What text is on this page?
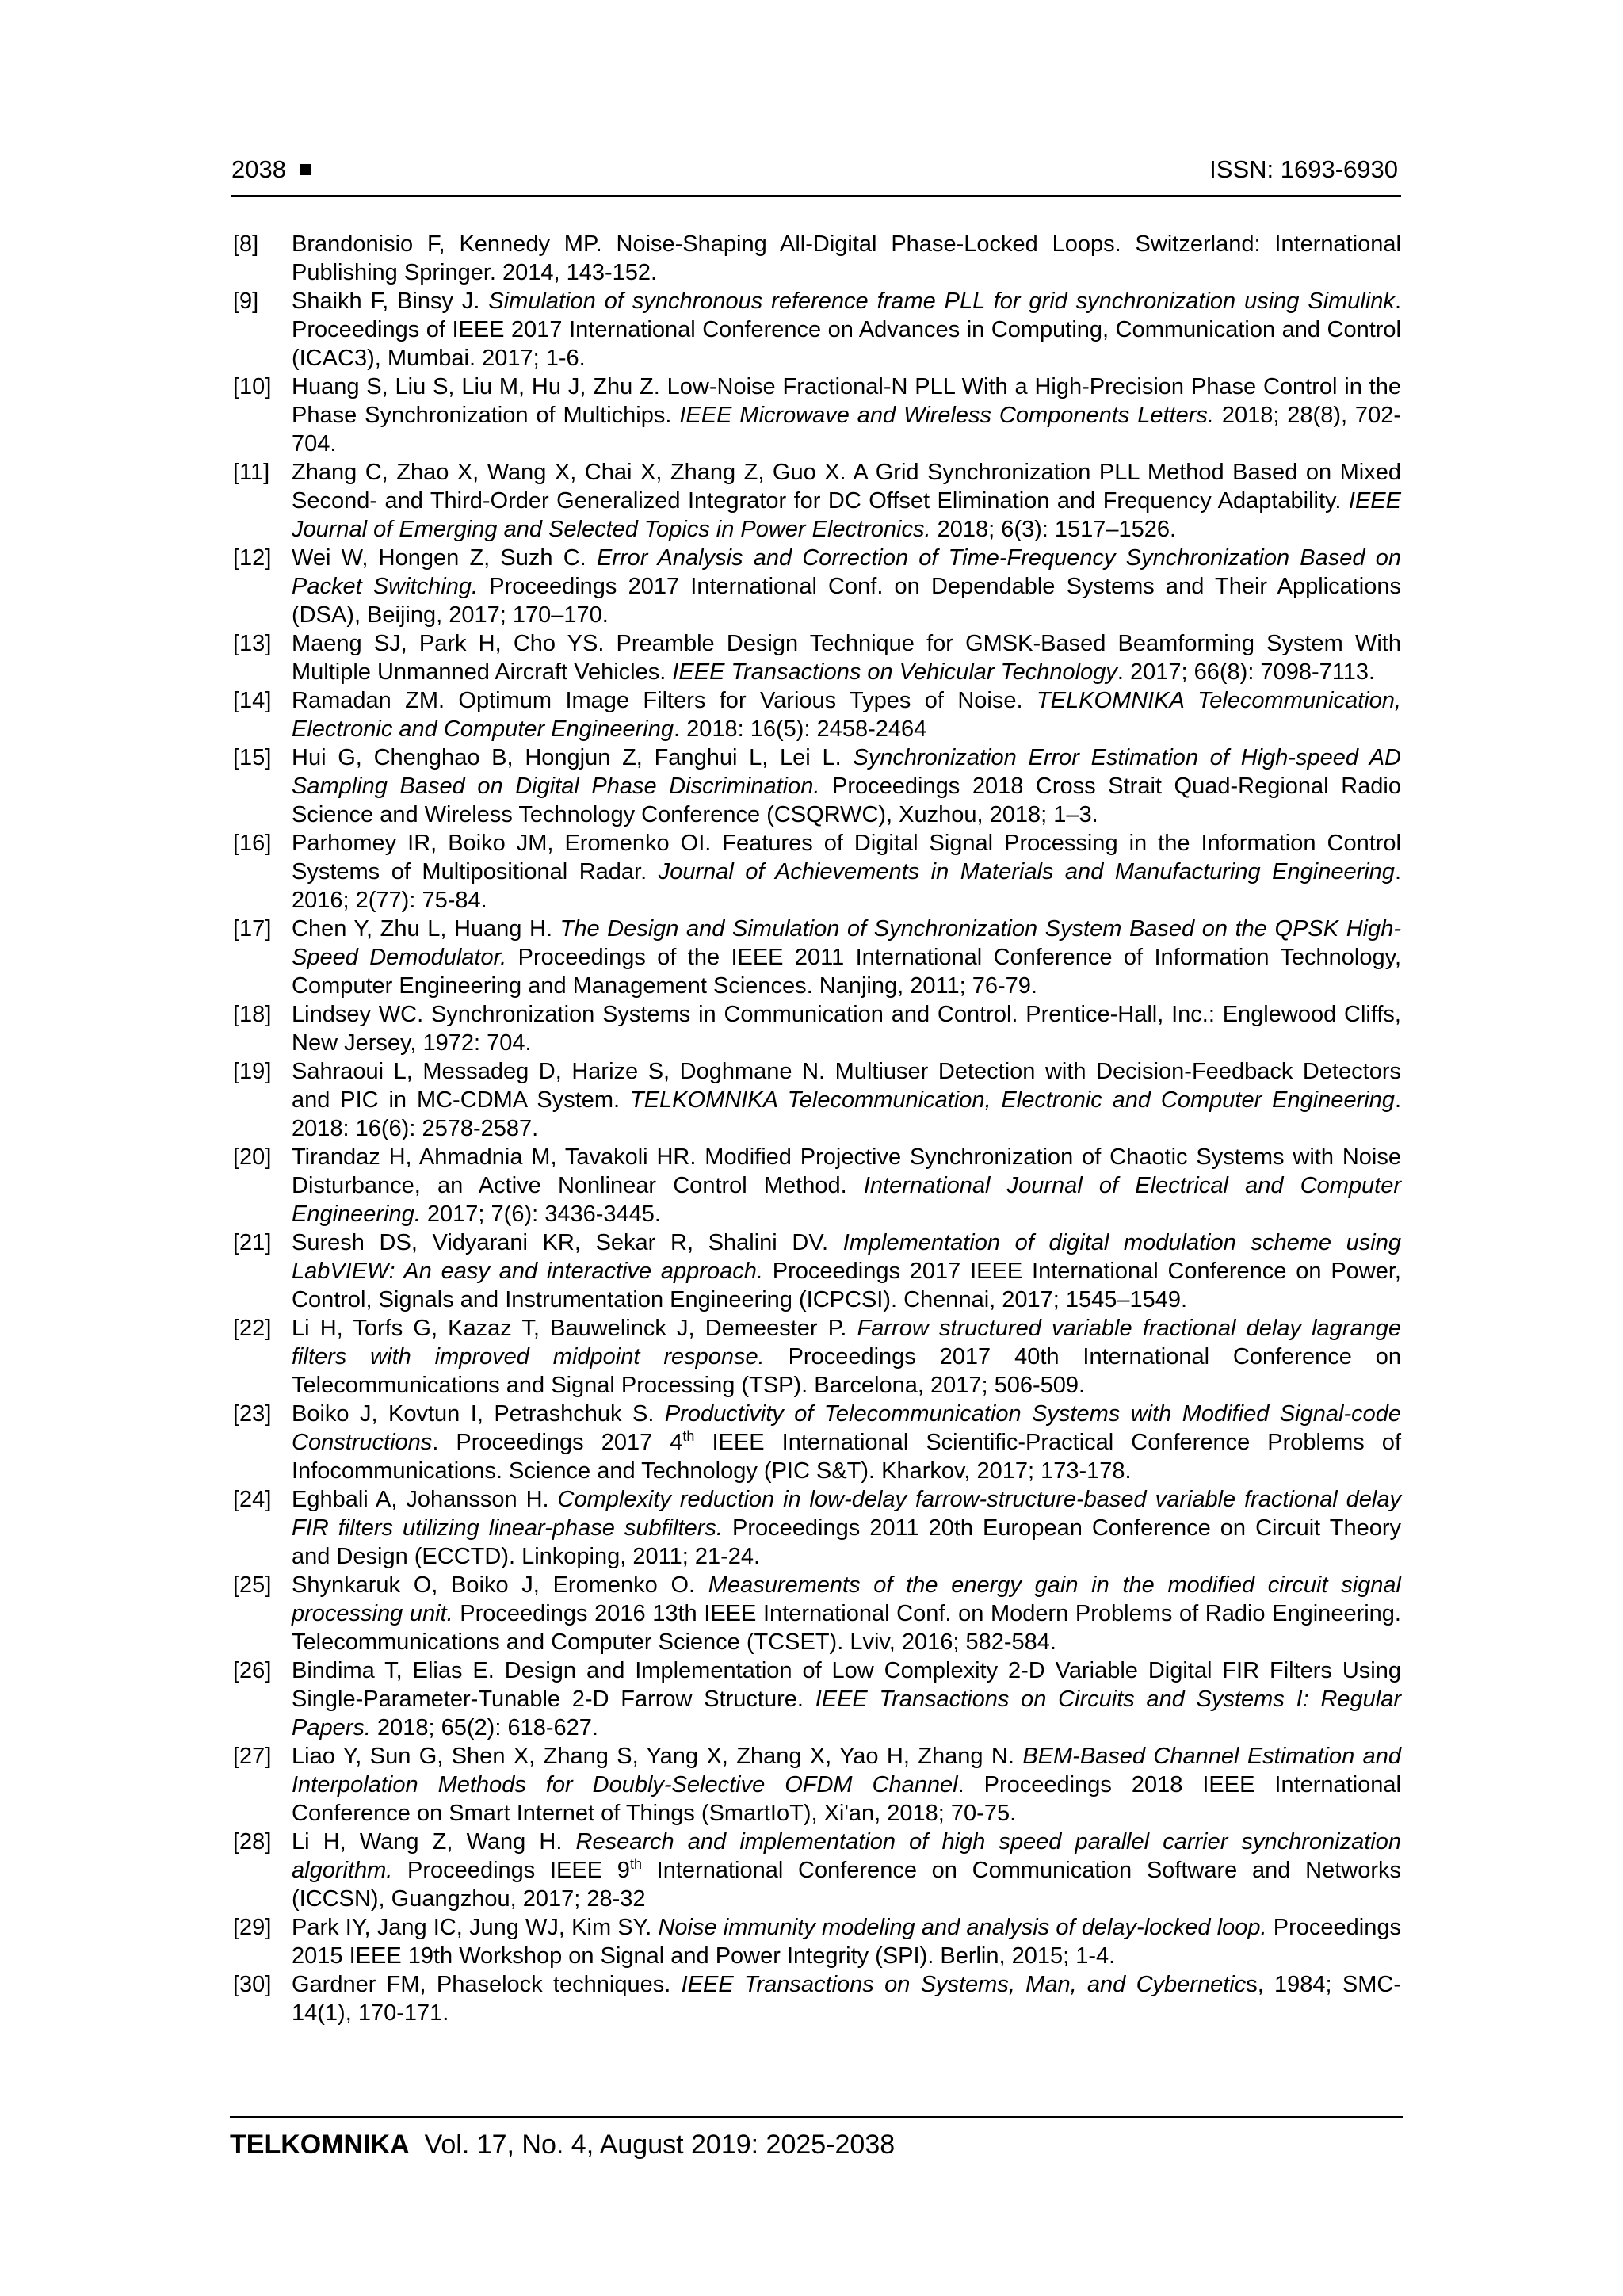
2038	ISSN: 1693-6930
[8] Brandonisio F, Kennedy MP. Noise-Shaping All-Digital Phase-Locked Loops. Switzerland: International Publishing Springer. 2014, 143-152.
[9] Shaikh F, Binsy J. Simulation of synchronous reference frame PLL for grid synchronization using Simulink. Proceedings of IEEE 2017 International Conference on Advances in Computing, Communication and Control (ICAC3), Mumbai. 2017; 1-6.
[10] Huang S, Liu S, Liu M, Hu J, Zhu Z. Low-Noise Fractional-N PLL With a High-Precision Phase Control in the Phase Synchronization of Multichips. IEEE Microwave and Wireless Components Letters. 2018; 28(8), 702-704.
[11] Zhang C, Zhao X, Wang X, Chai X, Zhang Z, Guo X. A Grid Synchronization PLL Method Based on Mixed Second- and Third-Order Generalized Integrator for DC Offset Elimination and Frequency Adaptability. IEEE Journal of Emerging and Selected Topics in Power Electronics. 2018; 6(3): 1517–1526.
[12] Wei W, Hongen Z, Suzh C. Error Analysis and Correction of Time-Frequency Synchronization Based on Packet Switching. Proceedings 2017 International Conf. on Dependable Systems and Their Applications (DSA), Beijing, 2017; 170–170.
[13] Maeng SJ, Park H, Cho YS. Preamble Design Technique for GMSK-Based Beamforming System With Multiple Unmanned Aircraft Vehicles. IEEE Transactions on Vehicular Technology. 2017; 66(8): 7098-7113.
[14] Ramadan ZM. Optimum Image Filters for Various Types of Noise. TELKOMNIKA Telecommunication, Electronic and Computer Engineering. 2018: 16(5): 2458-2464
[15] Hui G, Chenghao B, Hongjun Z, Fanghui L, Lei L. Synchronization Error Estimation of High-speed AD Sampling Based on Digital Phase Discrimination. Proceedings 2018 Cross Strait Quad-Regional Radio Science and Wireless Technology Conference (CSQRWC), Xuzhou, 2018; 1–3.
[16] Parhomey IR, Boiko JM, Eromenko OI. Features of Digital Signal Processing in the Information Control Systems of Multipositional Radar. Journal of Achievements in Materials and Manufacturing Engineering. 2016; 2(77): 75-84.
[17] Chen Y, Zhu L, Huang H. The Design and Simulation of Synchronization System Based on the QPSK High-Speed Demodulator. Proceedings of the IEEE 2011 International Conference of Information Technology, Computer Engineering and Management Sciences. Nanjing, 2011; 76-79.
[18] Lindsey WC. Synchronization Systems in Communication and Control. Prentice-Hall, Inc.: Englewood Cliffs, New Jersey, 1972: 704.
[19] Sahraoui L, Messadeg D, Harize S, Doghmane N. Multiuser Detection with Decision-Feedback Detectors and PIC in MC-CDMA System. TELKOMNIKA Telecommunication, Electronic and Computer Engineering. 2018: 16(6): 2578-2587.
[20] Tirandaz H, Ahmadnia M, Tavakoli HR. Modified Projective Synchronization of Chaotic Systems with Noise Disturbance, an Active Nonlinear Control Method. International Journal of Electrical and Computer Engineering. 2017; 7(6): 3436-3445.
[21] Suresh DS, Vidyarani KR, Sekar R, Shalini DV. Implementation of digital modulation scheme using LabVIEW: An easy and interactive approach. Proceedings 2017 IEEE International Conference on Power, Control, Signals and Instrumentation Engineering (ICPCSI). Chennai, 2017; 1545–1549.
[22] Li H, Torfs G, Kazaz T, Bauwelinck J, Demeester P. Farrow structured variable fractional delay lagrange filters with improved midpoint response. Proceedings 2017 40th International Conference on Telecommunications and Signal Processing (TSP). Barcelona, 2017; 506-509.
[23] Boiko J, Kovtun I, Petrashchuk S. Productivity of Telecommunication Systems with Modified Signal-code Constructions. Proceedings 2017 4th IEEE International Scientific-Practical Conference Problems of Infocommunications. Science and Technology (PIC S&T). Kharkov, 2017; 173-178.
[24] Eghbali A, Johansson H. Complexity reduction in low-delay farrow-structure-based variable fractional delay FIR filters utilizing linear-phase subfilters. Proceedings 2011 20th European Conference on Circuit Theory and Design (ECCTD). Linkoping, 2011; 21-24.
[25] Shynkaruk O, Boiko J, Eromenko O. Measurements of the energy gain in the modified circuit signal processing unit. Proceedings 2016 13th IEEE International Conf. on Modern Problems of Radio Engineering. Telecommunications and Computer Science (TCSET). Lviv, 2016; 582-584.
[26] Bindima T, Elias E. Design and Implementation of Low Complexity 2-D Variable Digital FIR Filters Using Single-Parameter-Tunable 2-D Farrow Structure. IEEE Transactions on Circuits and Systems I: Regular Papers. 2018; 65(2): 618-627.
[27] Liao Y, Sun G, Shen X, Zhang S, Yang X, Zhang X, Yao H, Zhang N. BEM-Based Channel Estimation and Interpolation Methods for Doubly-Selective OFDM Channel. Proceedings 2018 IEEE International Conference on Smart Internet of Things (SmartIoT), Xi'an, 2018; 70-75.
[28] Li H, Wang Z, Wang H. Research and implementation of high speed parallel carrier synchronization algorithm. Proceedings IEEE 9th International Conference on Communication Software and Networks (ICCSN), Guangzhou, 2017; 28-32
[29] Park IY, Jang IC, Jung WJ, Kim SY. Noise immunity modeling and analysis of delay-locked loop. Proceedings 2015 IEEE 19th Workshop on Signal and Power Integrity (SPI). Berlin, 2015; 1-4.
[30] Gardner FM, Phaselock techniques. IEEE Transactions on Systems, Man, and Cybernetics, 1984; SMC-14(1), 170-171.
TELKOMNIKA Vol. 17, No. 4, August 2019: 2025-2038
